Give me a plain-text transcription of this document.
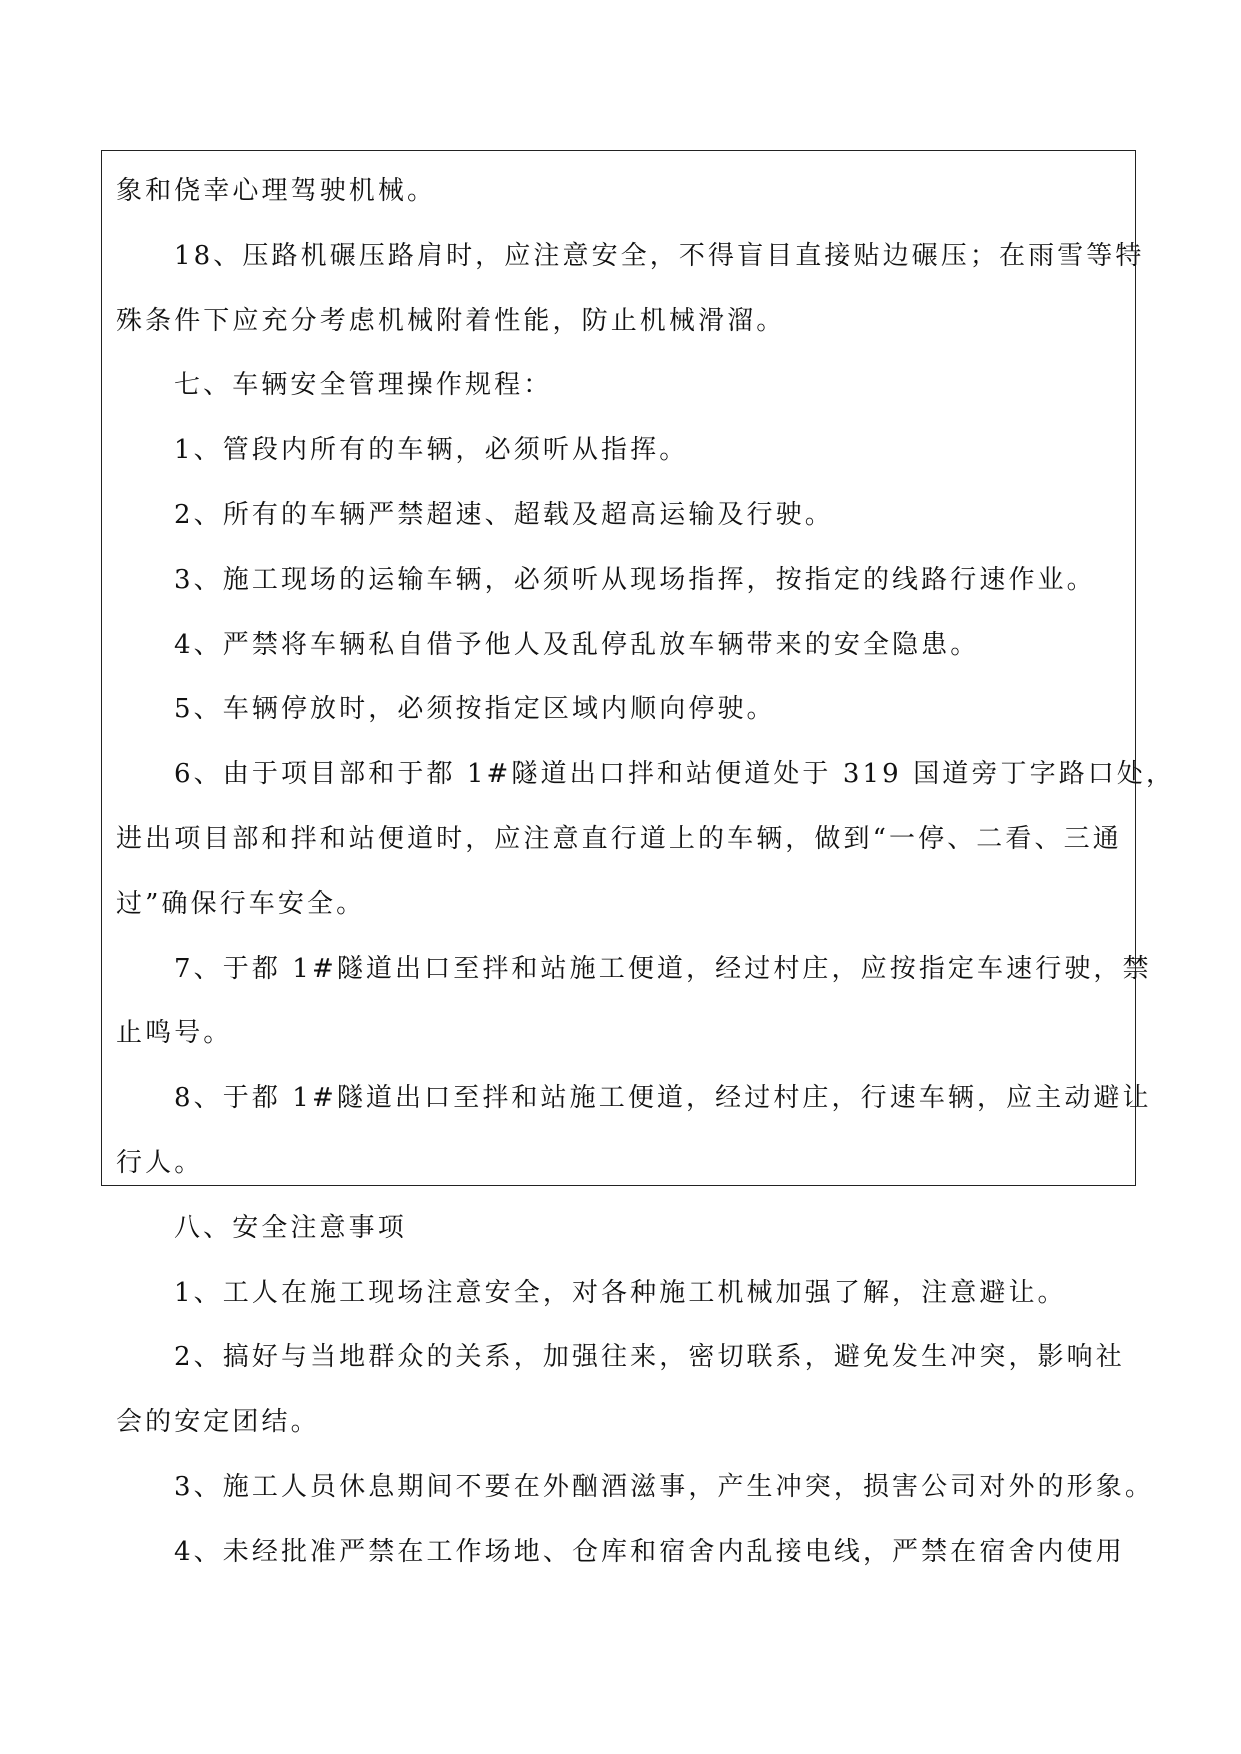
象和侥幸心理驾驶机械。
18、压路机碾压路肩时，应注意安全，不得盲目直接贴边碾压；在雨雪等特
殊条件下应充分考虑机械附着性能，防止机械滑溜。
七、车辆安全管理操作规程：
1、管段内所有的车辆，必须听从指挥。
2、所有的车辆严禁超速、超载及超高运输及行驶。
3、施工现场的运输车辆，必须听从现场指挥，按指定的线路行速作业。
4、严禁将车辆私自借予他人及乱停乱放车辆带来的安全隐患。
5、车辆停放时，必须按指定区域内顺向停驶。
6、由于项目部和于都 1#隧道出口拌和站便道处于 319 国道旁丁字路口处，
进出项目部和拌和站便道时，应注意直行道上的车辆，做到“一停、二看、三通
过”确保行车安全。
7、于都 1#隧道出口至拌和站施工便道，经过村庄，应按指定车速行驶，禁
止鸣号。
8、于都 1#隧道出口至拌和站施工便道，经过村庄，行速车辆，应主动避让
行人。
八、安全注意事项
1、工人在施工现场注意安全，对各种施工机械加强了解，注意避让。
2、搞好与当地群众的关系，加强往来，密切联系，避免发生冲突，影响社
会的安定团结。
3、施工人员休息期间不要在外酗酒滋事，产生冲突，损害公司对外的形象。
4、未经批准严禁在工作场地、仓库和宿舍内乱接电线，严禁在宿舍内使用
